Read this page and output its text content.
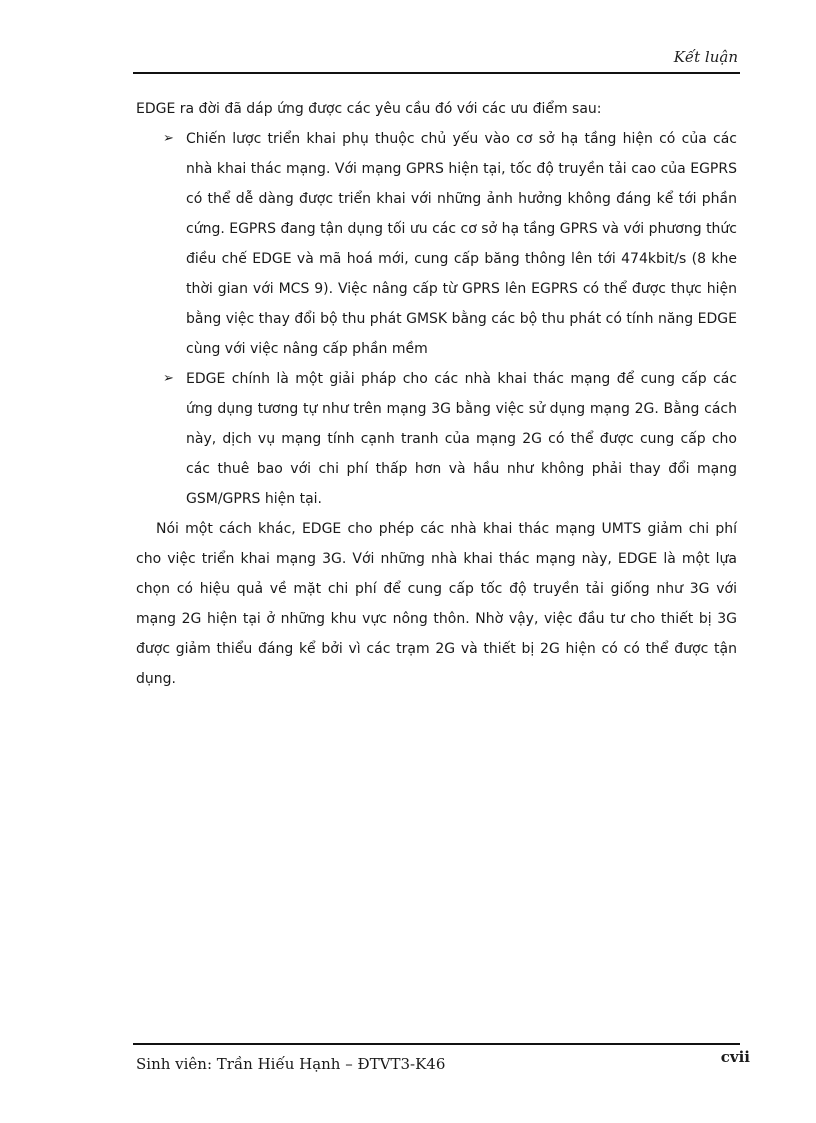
Kết luận

EDGE ra đời đã dáp ứng được các yêu cầu đó với các ưu điểm sau:

➢ Chiến lược triển khai phụ thuộc chủ yếu vào cơ sở hạ tầng hiện có của các nhà khai thác mạng. Với mạng GPRS hiện tại, tốc độ truyền tải cao của EGPRS có thể dễ dàng được triển khai với những ảnh hưởng không đáng kể tới phần cứng. EGPRS đang tận dụng tối ưu các cơ sở hạ tầng GPRS và với phương thức điều chế EDGE và mã hoá mới, cung cấp băng thông lên tới 474kbit/s (8 khe thời gian với MCS 9). Việc nâng cấp từ GPRS lên EGPRS có thể được thực hiện bằng việc thay đổi bộ thu phát GMSK bằng các bộ thu phát có tính năng EDGE cùng với việc nâng cấp phần mềm
➢ EDGE chính là một giải pháp cho các nhà khai thác mạng để cung cấp các ứng dụng tương tự như trên mạng 3G bằng việc sử dụng mạng 2G. Bằng cách này, dịch vụ mạng tính cạnh tranh của mạng 2G có thể được cung cấp cho các thuê bao với chi phí thấp hơn và hầu như không phải thay đổi mạng GSM/GPRS hiện tại.

Nói một cách khác, EDGE cho phép các nhà khai thác mạng UMTS giảm chi phí cho việc triển khai mạng 3G. Với những nhà khai thác mạng này, EDGE là một lựa chọn có hiệu quả về mặt chi phí để cung cấp tốc độ truyền tải giống như 3G với mạng 2G hiện tại ở những khu vực nông thôn. Nhờ vậy, việc đầu tư cho thiết bị 3G được giảm thiểu đáng kể bởi vì các trạm 2G và thiết bị 2G hiện có có thể được tận dụng.

Sinh viên: Trần Hiếu Hạnh – ĐTVT3-K46	cvii
